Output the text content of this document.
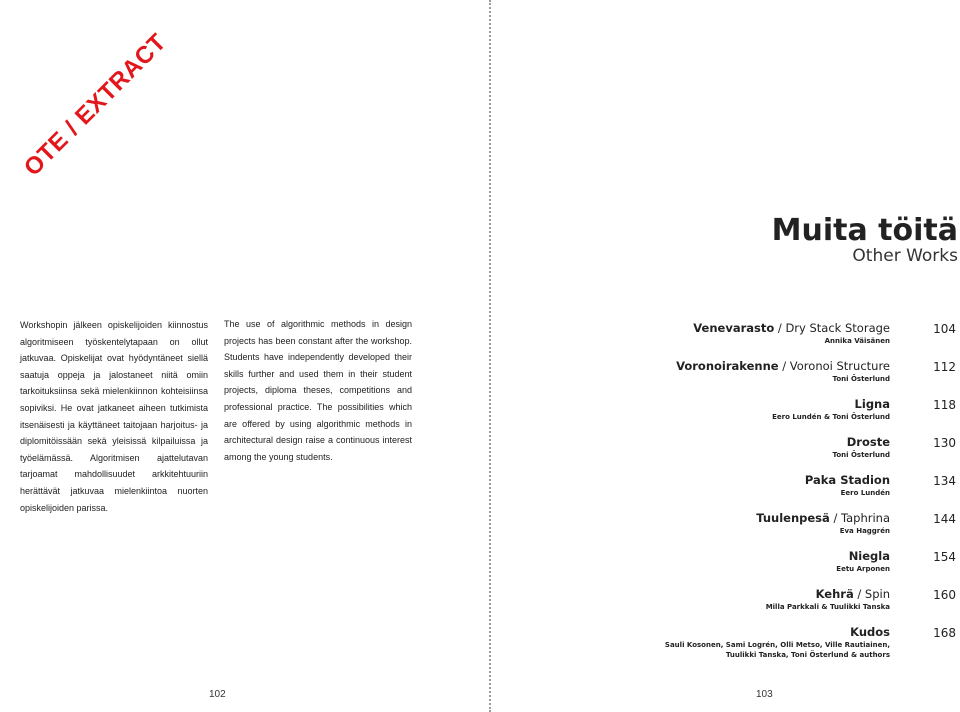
OTE / EXTRACT
Muita töitä
Other Works

Workshopin jälkeen opiskelijoiden kiinnostus algoritmiseen työskentelytapaan on ollut jatkuvaa. Opiskelijat ovat hyödyntäneet siellä saatuja oppeja ja jalostaneet niitä omiin tarkoituksiinsa sekä mielenkiinnon kohteisiinsa sopiviksi. He ovat jatkaneet aiheen tutkimista itsenäisesti ja käyttäneet taitojaan harjoitus- ja diplomitöissään sekä yleisissä kilpailuissa ja työelämässä. Algoritmisen ajattelutavan tarjoamat mahdollisuudet arkkitehtuuriin herättävät jatkuvaa mielenkiintoa nuorten opiskelijoiden parissa.

The use of algorithmic methods in design projects has been constant after the workshop. Students have independently developed their skills further and used them in their student projects, diploma theses, competitions and professional practice. The possibilities which are offered by using algorithmic methods in architectural design raise a continuous interest among the young students.

102	103
Venevarasto / Dry Stack Storage
Annika Väisänen
104
Voronoirakenne / Voronoi Structure
Toni Österlund
112
Ligna
Eero Lundén & Toni Österlund
118
Droste
Toni Österlund
130
Paka Stadion
Eero Lundén
134
Tuulenpesä / Taphrina
Eva Haggrén
144
Niegla
Eetu Arponen
154
Kehrä / Spin
Milla Parkkali & Tuulikki Tanska
160
Kudos
Sauli Kosonen, Sami Logrén, Olli Metso, Ville Rautiainen,
Tuulikki Tanska, Toni Österlund & authors
168
